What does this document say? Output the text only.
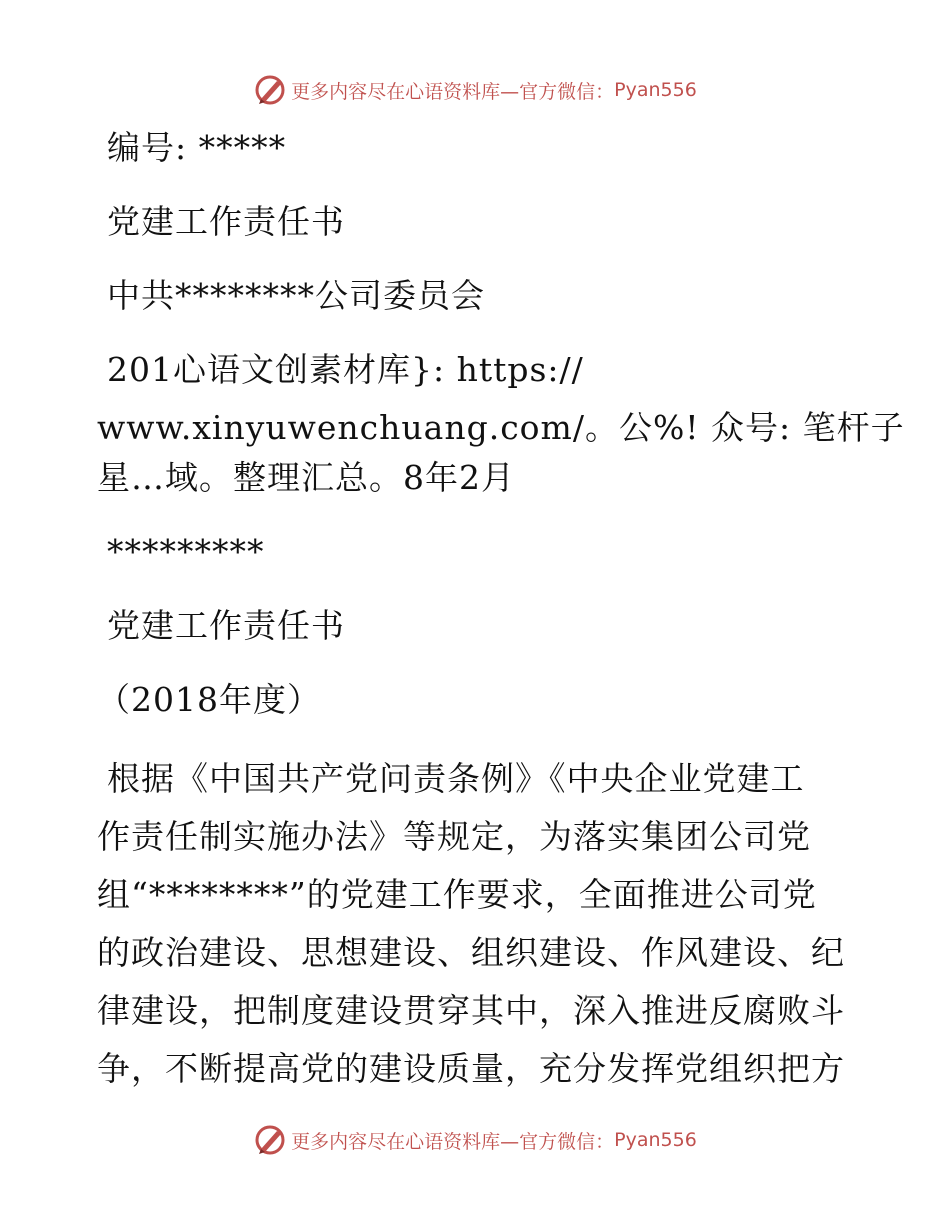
更多内容尽在心语资料库—官方微信： Pyan556

编号: *****

党建工作责任书

中共********公司委员会

201心语文创素材库}: https://

www.xinyuwenchuang.com/。公%! 众号: 笔杆子

星…域。整理汇总。8年2月

*********

党建工作责任书

（2018年度）

根据《中国共产党问责条例》《中央企业党建工
作责任制实施办法》等规定，为落实集团公司党
组“********”的党建工作要求，全面推进公司党
的政治建设、思想建设、组织建设、作风建设、纪
律建设，把制度建设贯穿其中，深入推进反腐败斗
争，不断提高党的建设质量，充分发挥党组织把方
更多内容尽在心语资料库—官方微信： Pyan556
